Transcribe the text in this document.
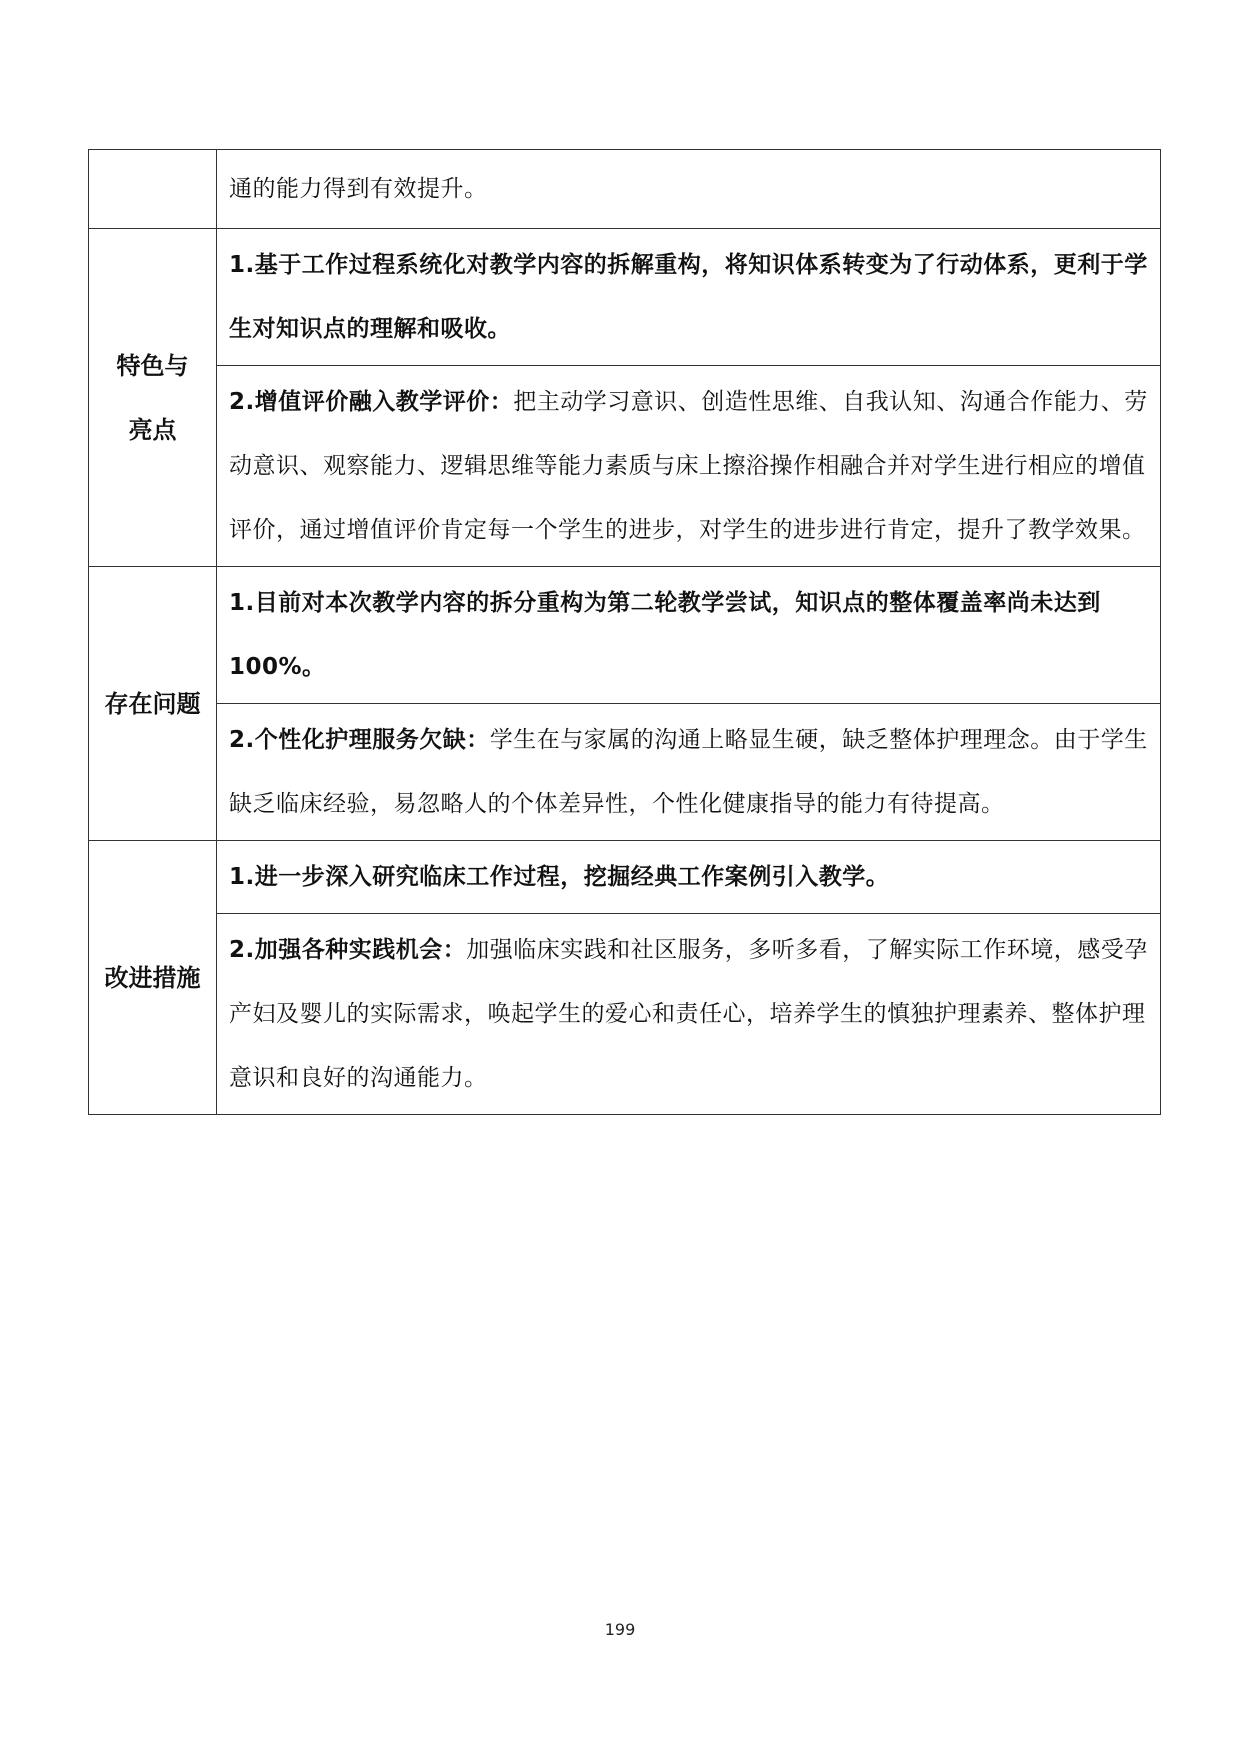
	通的能力得到有效提升。

特色与
亮点	1.基于工作过程系统化对教学内容的拆解重构，将知识体系转变为了行动体系，更利于学生对知识点的理解和吸收。
	2.增值评价融入教学评价：把主动学习意识、创造性思维、自我认知、沟通合作能力、劳动意识、观察能力、逻辑思维等能力素质与床上擦浴操作相融合并对学生进行相应的增值评价，通过增值评价肯定每一个学生的进步，对学生的进步进行肯定，提升了教学效果。
存在问题	1.目前对本次教学内容的拆分重构为第二轮教学尝试，知识点的整体覆盖率尚未达到100%。
	2.个性化护理服务欠缺：学生在与家属的沟通上略显生硬，缺乏整体护理理念。由于学生缺乏临床经验，易忽略人的个体差异性，个性化健康指导的能力有待提高。
改进措施	1.进一步深入研究临床工作过程，挖掘经典工作案例引入教学。
	2.加强各种实践机会：加强临床实践和社区服务，多听多看，了解实际工作环境，感受孕产妇及婴儿的实际需求，唤起学生的爱心和责任心，培养学生的慎独护理素养、整体护理意识和良好的沟通能力。
199
